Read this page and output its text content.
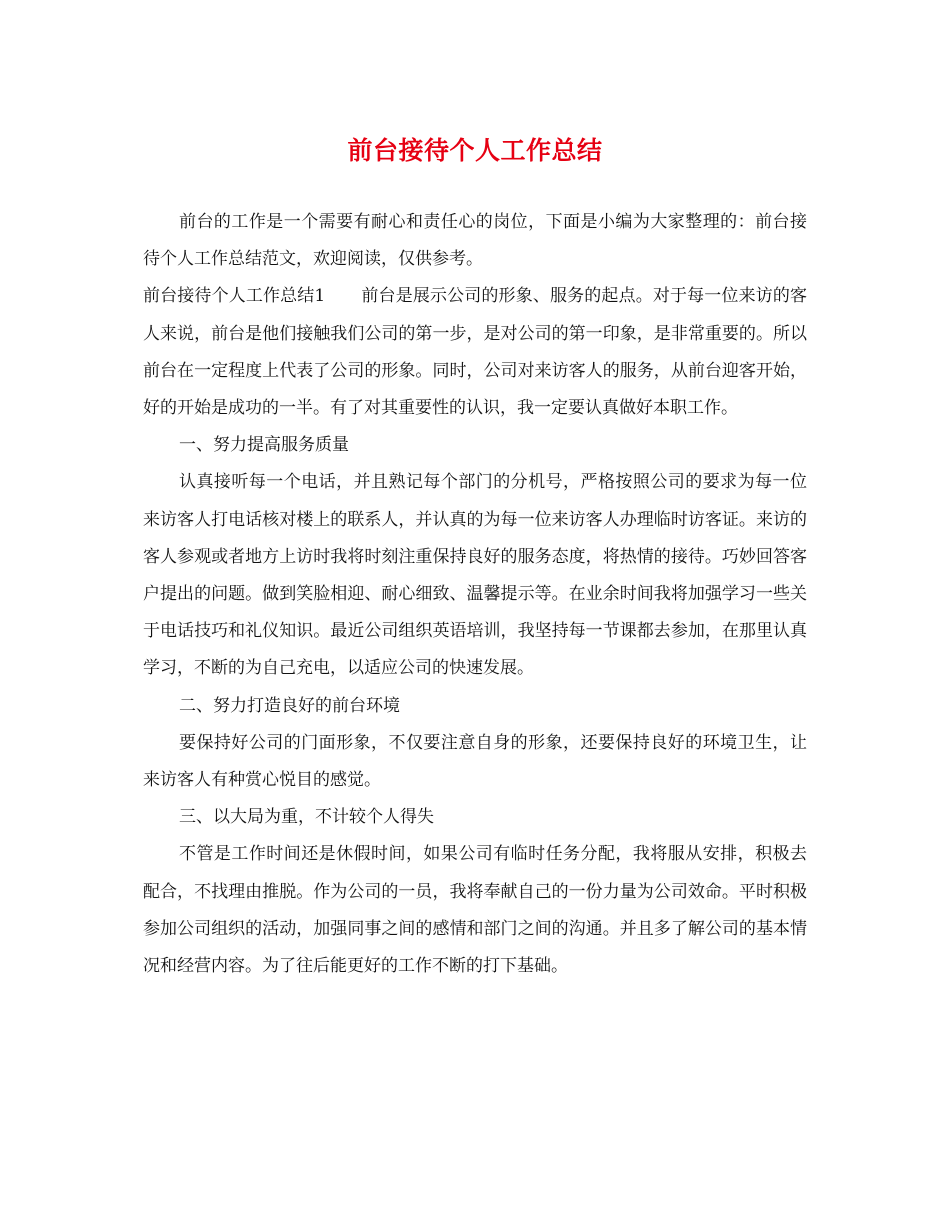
前台接待个人工作总结

前台的工作是一个需要有耐心和责任心的岗位，下面是小编为大家整理的：前台接待个人工作总结范文，欢迎阅读，仅供参考。

前台接待个人工作总结1 前台是展示公司的形象、服务的起点。对于每一位来访的客人来说，前台是他们接触我们公司的第一步，是对公司的第一印象，是非常重要的。所以前台在一定程度上代表了公司的形象。同时，公司对来访客人的服务，从前台迎客开始，好的开始是成功的一半。有了对其重要性的认识，我一定要认真做好本职工作。

一、努力提高服务质量

认真接听每一个电话，并且熟记每个部门的分机号，严格按照公司的要求为每一位来访客人打电话核对楼上的联系人，并认真的为每一位来访客人办理临时访客证。来访的客人参观或者地方上访时我将时刻注重保持良好的服务态度，将热情的接待。巧妙回答客户提出的问题。做到笑脸相迎、耐心细致、温馨提示等。在业余时间我将加强学习一些关于电话技巧和礼仪知识。最近公司组织英语培训，我坚持每一节课都去参加，在那里认真学习，不断的为自己充电，以适应公司的快速发展。

二、努力打造良好的前台环境

要保持好公司的门面形象，不仅要注意自身的形象，还要保持良好的环境卫生，让来访客人有种赏心悦目的感觉。

三、以大局为重，不计较个人得失

不管是工作时间还是休假时间，如果公司有临时任务分配，我将服从安排，积极去配合，不找理由推脱。作为公司的一员，我将奉献自己的一份力量为公司效命。平时积极参加公司组织的活动，加强同事之间的感情和部门之间的沟通。并且多了解公司的基本情况和经营内容。为了往后能更好的工作不断的打下基础。
